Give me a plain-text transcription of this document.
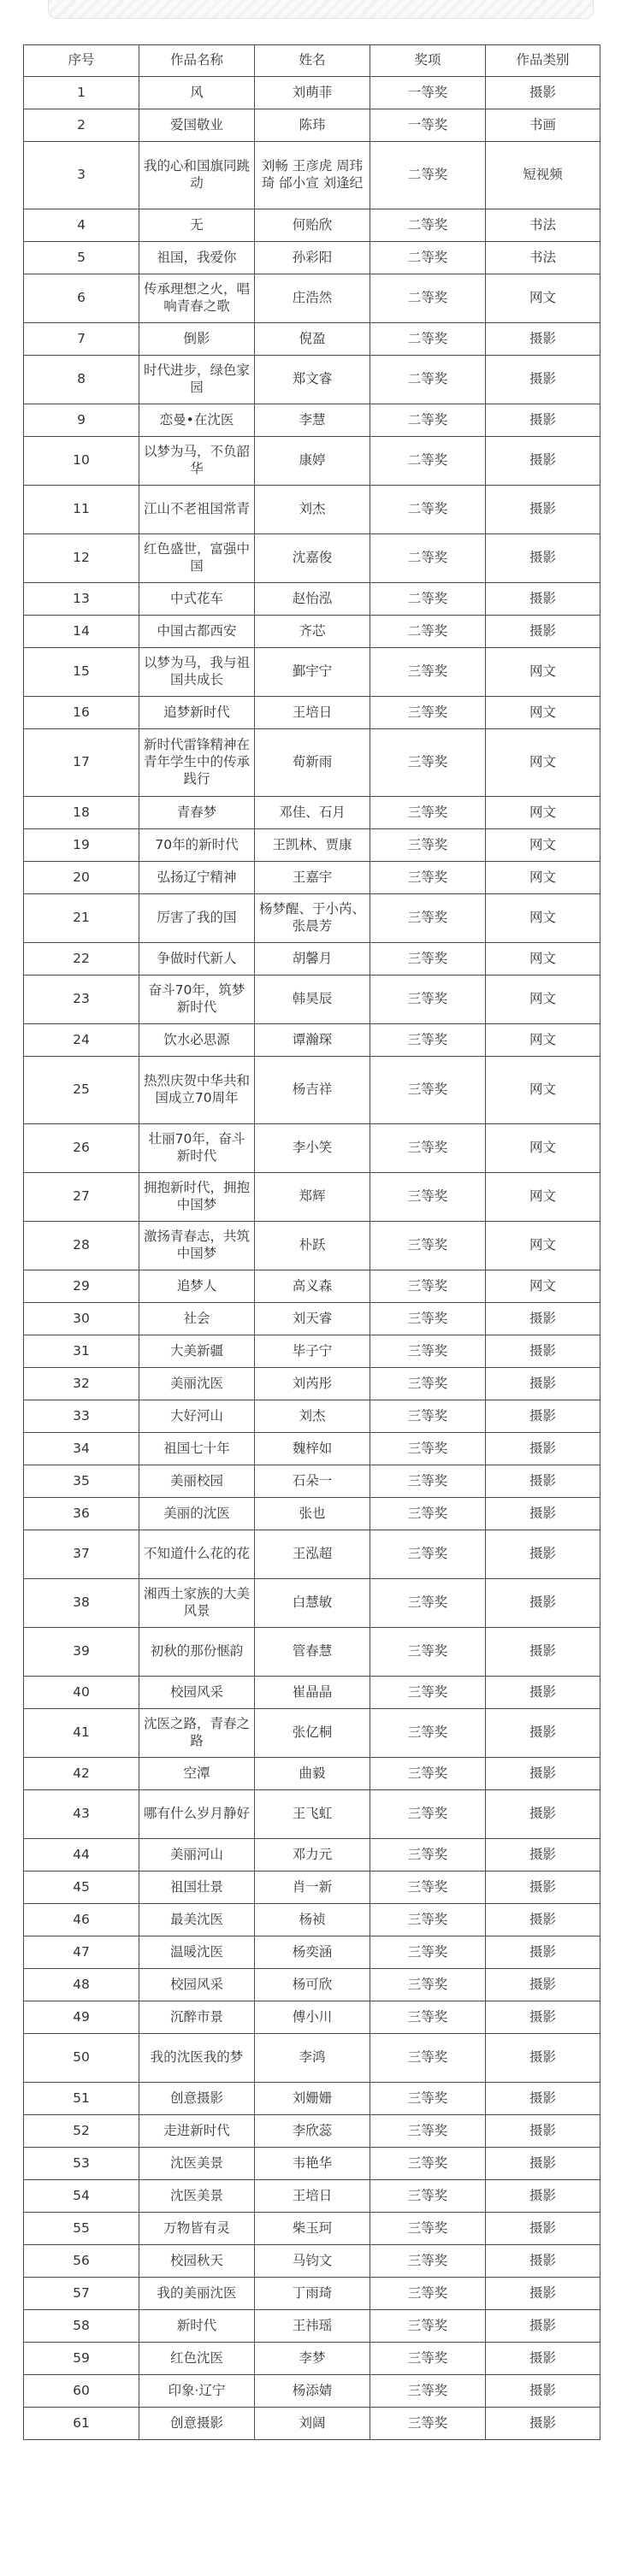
序号	作品名称	姓名	奖项	作品类别
1	风	刘萌菲	一等奖	摄影
2	爱国敬业	陈玮	一等奖	书画
3	我的心和国旗同跳动	刘畅 王彦虎 周玮琦 邰小宣 刘逢纪	二等奖	短视频
4	无	何贻欣	二等奖	书法
5	祖国，我爱你	孙彩阳	二等奖	书法
6	传承理想之火，唱响青春之歌	庄浩然	二等奖	网文
7	倒影	倪盈	二等奖	摄影
8	时代进步，绿色家园	郑文睿	二等奖	摄影
9	恋曼•在沈医	李慧	二等奖	摄影
10	以梦为马，不负韶华	康婷	二等奖	摄影
11	江山不老祖国常青	刘杰	二等奖	摄影
12	红色盛世，富强中国	沈嘉俊	二等奖	摄影
13	中式花车	赵怡泓	二等奖	摄影
14	中国古都西安	齐芯	二等奖	摄影
15	以梦为马，我与祖国共成长	鄞宇宁	三等奖	网文
16	追梦新时代	王培日	三等奖	网文
17	新时代雷锋精神在青年学生中的传承践行	荀新雨	三等奖	网文
18	青春梦	邓佳、石月	三等奖	网文
19	70年的新时代	王凯林、贾康	三等奖	网文
20	弘扬辽宁精神	王嘉宇	三等奖	网文
21	厉害了我的国	杨梦醒、于小芮、张晨芳	三等奖	网文
22	争做时代新人	胡馨月	三等奖	网文
23	奋斗70年，筑梦新时代	韩昊辰	三等奖	网文
24	饮水必思源	谭瀚琛	三等奖	网文
25	热烈庆贺中华共和国成立70周年	杨吉祥	三等奖	网文
26	壮丽70年，奋斗新时代	李小笑	三等奖	网文
27	拥抱新时代，拥抱中国梦	郑辉	三等奖	网文
28	激扬青春志，共筑中国梦	朴跃	三等奖	网文
29	追梦人	高义森	三等奖	网文
30	社会	刘天睿	三等奖	摄影
31	大美新疆	毕子宁	三等奖	摄影
32	美丽沈医	刘芮彤	三等奖	摄影
33	大好河山	刘杰	三等奖	摄影
34	祖国七十年	魏梓如	三等奖	摄影
35	美丽校园	石朵一	三等奖	摄影
36	美丽的沈医	张也	三等奖	摄影
37	不知道什么花的花	王泓超	三等奖	摄影
38	湘西土家族的大美风景	白慧敏	三等奖	摄影
39	初秋的那份惬韵	管春慧	三等奖	摄影
40	校园风采	崔晶晶	三等奖	摄影
41	沈医之路，青春之路	张亿桐	三等奖	摄影
42	空潭	曲毅	三等奖	摄影
43	哪有什么岁月静好	王飞虹	三等奖	摄影
44	美丽河山	邓力元	三等奖	摄影
45	祖国壮景	肖一新	三等奖	摄影
46	最美沈医	杨祯	三等奖	摄影
47	温暖沈医	杨奕涵	三等奖	摄影
48	校园风采	杨可欣	三等奖	摄影
49	沉醉市景	傅小川	三等奖	摄影
50	我的沈医我的梦	李鸿	三等奖	摄影
51	创意摄影	刘姗姗	三等奖	摄影
52	走进新时代	李欣蕊	三等奖	摄影
53	沈医美景	韦艳华	三等奖	摄影
54	沈医美景	王培日	三等奖	摄影
55	万物皆有灵	柴玉珂	三等奖	摄影
56	校园秋天	马钧文	三等奖	摄影
57	我的美丽沈医	丁雨琦	三等奖	摄影
58	新时代	王祎瑶	三等奖	摄影
59	红色沈医	李梦	三等奖	摄影
60	印象·辽宁	杨添婧	三等奖	摄影
61	创意摄影	刘阔	三等奖	摄影
